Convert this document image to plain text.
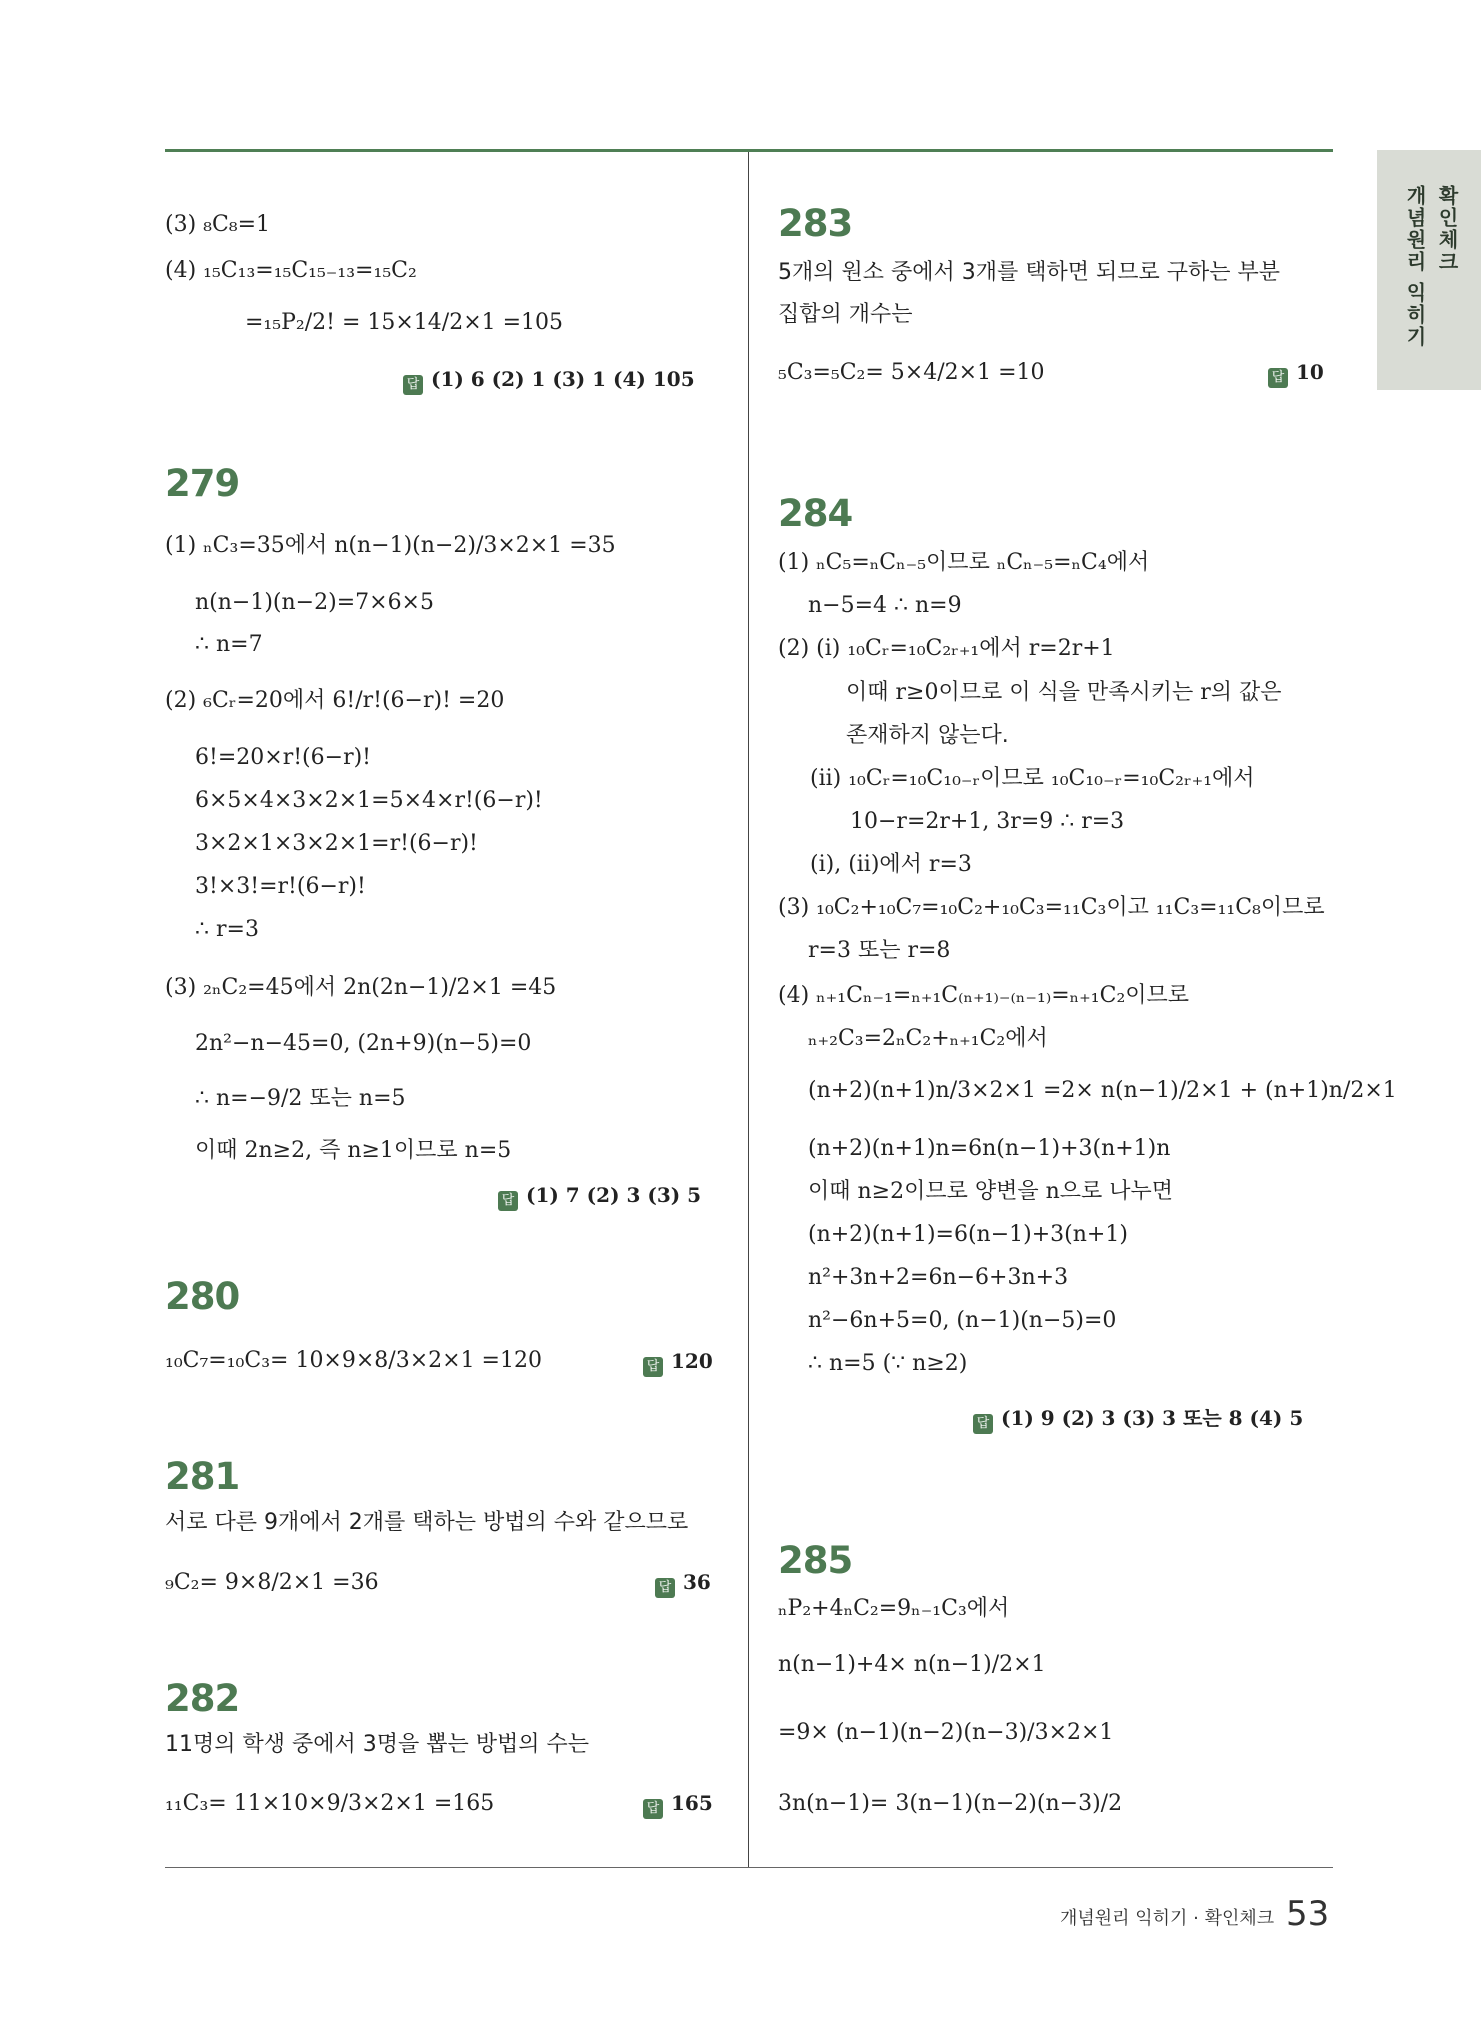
개념원리 익히기 확인체크
(3) ₈C₈=1
(4) ₁₅C₁₃=₁₅C₁₅₋₁₃=₁₅C₂
=₁₅P₂/2! = 15×14/2×1 =105
답 (1) 6 (2) 1 (3) 1 (4) 105
279
(1) ₙC₃=35에서 n(n−1)(n−2)/3×2×1 =35
n(n−1)(n−2)=7×6×5
∴ n=7
(2) ₆Cᵣ=20에서 6!/r!(6−r)! =20
6!=20×r!(6−r)!
6×5×4×3×2×1=5×4×r!(6−r)!
3×2×1×3×2×1=r!(6−r)!
3!×3!=r!(6−r)!
∴ r=3
(3) ₂ₙC₂=45에서 2n(2n−1)/2×1 =45
2n²−n−45=0, (2n+9)(n−5)=0
∴ n=−9/2 또는 n=5
이때 2n≥2, 즉 n≥1이므로 n=5
답 (1) 7 (2) 3 (3) 5
280
₁₀C₇=₁₀C₃= 10×9×8/3×2×1 =120	답 120
281
서로 다른 9개에서 2개를 택하는 방법의 수와 같으므로
₉C₂= 9×8/2×1 =36	답 36
282
11명의 학생 중에서 3명을 뽑는 방법의 수는
₁₁C₃= 11×10×9/3×2×1 =165	답 165
283
5개의 원소 중에서 3개를 택하면 되므로 구하는 부분
집합의 개수는
₅C₃=₅C₂= 5×4/2×1 =10	답 10
284
(1) ₙC₅=ₙCₙ₋₅이므로 ₙCₙ₋₅=ₙC₄에서
n−5=4 ∴ n=9
(2) (i) ₁₀Cᵣ=₁₀C₂ᵣ₊₁에서 r=2r+1
이때 r≥0이므로 이 식을 만족시키는 r의 값은
존재하지 않는다.
(ii) ₁₀Cᵣ=₁₀C₁₀₋ᵣ이므로 ₁₀C₁₀₋ᵣ=₁₀C₂ᵣ₊₁에서
10−r=2r+1, 3r=9 ∴ r=3
(i), (ii)에서 r=3
(3) ₁₀C₂+₁₀C₇=₁₀C₂+₁₀C₃=₁₁C₃이고 ₁₁C₃=₁₁C₈이므로
r=3 또는 r=8
(4) ₙ₊₁Cₙ₋₁=ₙ₊₁C₍ₙ₊₁₎₋₍ₙ₋₁₎=ₙ₊₁C₂이므로
ₙ₊₂C₃=2ₙC₂+ₙ₊₁C₂에서
(n+2)(n+1)n/3×2×1 =2× n(n−1)/2×1 + (n+1)n/2×1
(n+2)(n+1)n=6n(n−1)+3(n+1)n
이때 n≥2이므로 양변을 n으로 나누면
(n+2)(n+1)=6(n−1)+3(n+1)
n²+3n+2=6n−6+3n+3
n²−6n+5=0, (n−1)(n−5)=0
∴ n=5 (∵ n≥2)
답 (1) 9 (2) 3 (3) 3 또는 8 (4) 5
285
ₙP₂+4ₙC₂=9ₙ₋₁C₃에서
n(n−1)+4× n(n−1)/2×1
=9× (n−1)(n−2)(n−3)/3×2×1
3n(n−1)= 3(n−1)(n−2)(n−3)/2
개념원리 익히기 · 확인체크 53
